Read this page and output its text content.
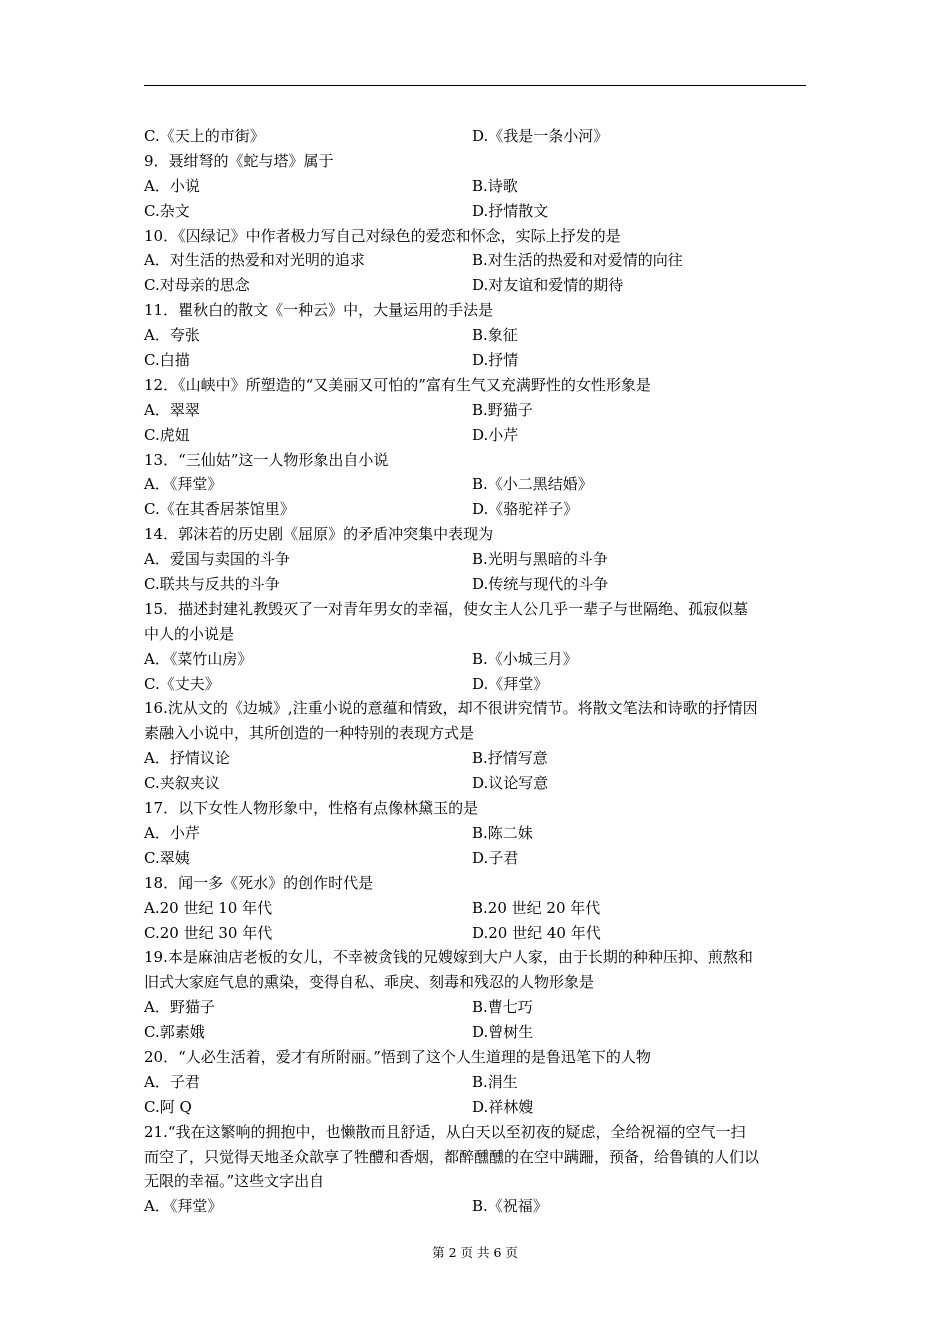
C.《天上的市街》	D.《我是一条小河》
9．聂绀弩的《蛇与塔》属于
A．小说	B.诗歌
C.杂文	D.抒情散文
10．《囚绿记》中作者极力写自己对绿色的爱恋和怀念，实际上抒发的是
A．对生活的热爱和对光明的追求	B.对生活的热爱和对爱情的向往
C.对母亲的思念	D.对友谊和爱情的期待
11．瞿秋白的散文《一种云》中，大量运用的手法是
A．夸张	B.象征
C.白描	D.抒情
12．《山峡中》所塑造的“又美丽又可怕的”富有生气又充满野性的女性形象是
A．翠翠	B.野猫子
C.虎妞	D.小芹
13．“三仙姑”这一人物形象出自小说
A．《拜堂》	B.《小二黑结婚》
C.《在其香居茶馆里》	D.《骆驼祥子》
14．郭沫若的历史剧《屈原》的矛盾冲突集中表现为
A．爱国与卖国的斗争	B.光明与黑暗的斗争
C.联共与反共的斗争	D.传统与现代的斗争
15．描述封建礼教毁灭了一对青年男女的幸福，使女主人公几乎一辈子与世隔绝、孤寂似墓
中人的小说是
A．《菜竹山房》	B.《小城三月》
C.《丈夫》	D.《拜堂》
16.沈从文的《边城》,注重小说的意蕴和情致，却不很讲究情节。将散文笔法和诗歌的抒情因
素融入小说中，其所创造的一种特别的表现方式是
A．抒情议论	B.抒情写意
C.夹叙夹议	D.议论写意
17．以下女性人物形象中，性格有点像林黛玉的是
A．小芹	B.陈二妹
C.翠姨	D.子君
18．闻一多《死水》的创作时代是
A.20 世纪 10 年代	B.20 世纪 20 年代
C.20 世纪 30 年代	D.20 世纪 40 年代
19.本是麻油店老板的女儿，不幸被贪钱的兄嫂嫁到大户人家，由于长期的种种压抑、煎熬和
旧式大家庭气息的熏染，变得自私、乖戾、刻毒和残忍的人物形象是
A．野猫子	B.曹七巧
C.郭素娥	D.曾树生
20．“人必生活着，爱才有所附丽。”悟到了这个人生道理的是鲁迅笔下的人物
A．子君	B.涓生
C.阿 Q	D.祥林嫂
21.“我在这繁响的拥抱中，也懒散而且舒适，从白天以至初夜的疑虑，全给祝福的空气一扫
而空了，只觉得天地圣众歆享了牲醴和香烟，都醉醺醺的在空中蹒跚，预备，给鲁镇的人们以
无限的幸福。”这些文字出自
A．《拜堂》	B.《祝福》
第 2 页 共 6 页
